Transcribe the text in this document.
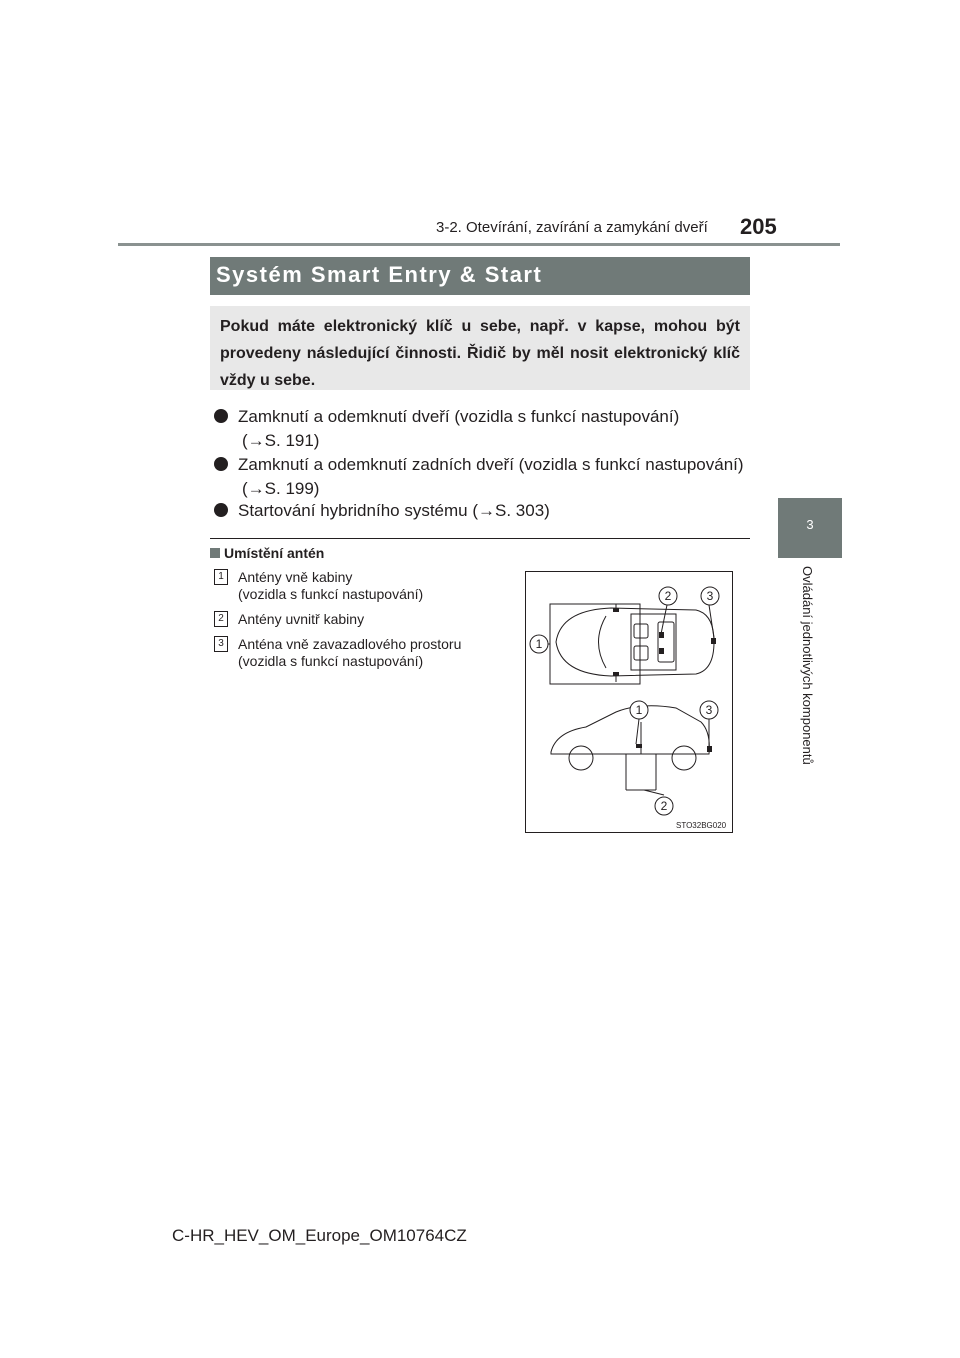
3-2. Otevírání, zavírání a zamykání dveří 205
3
Ovládání jednotlivých komponentů
Systém Smart Entry & Start
Pokud máte elektronický klíč u sebe, např. v kapse, mohou být provedeny následující činnosti. Řidič by měl nosit elektronický klíč vždy u sebe.
Zamknutí a odemknutí dveří (vozidla s funkcí nastupování)
(→S. 191)
Zamknutí a odemknutí zadních dveří (vozidla s funkcí nastupování)
(→S. 199)
Startování hybridního systému (→S. 303)
Umístění antén
1	Antény vně kabiny
(vozidla s funkcí nastupování)
2	Antény uvnitř kabiny
3	Anténa vně zavazadlového prostoru
(vozidla s funkcí nastupování)
1
2	3
1	3
2
STO32BG020
C-HR_HEV_OM_Europe_OM10764CZ
